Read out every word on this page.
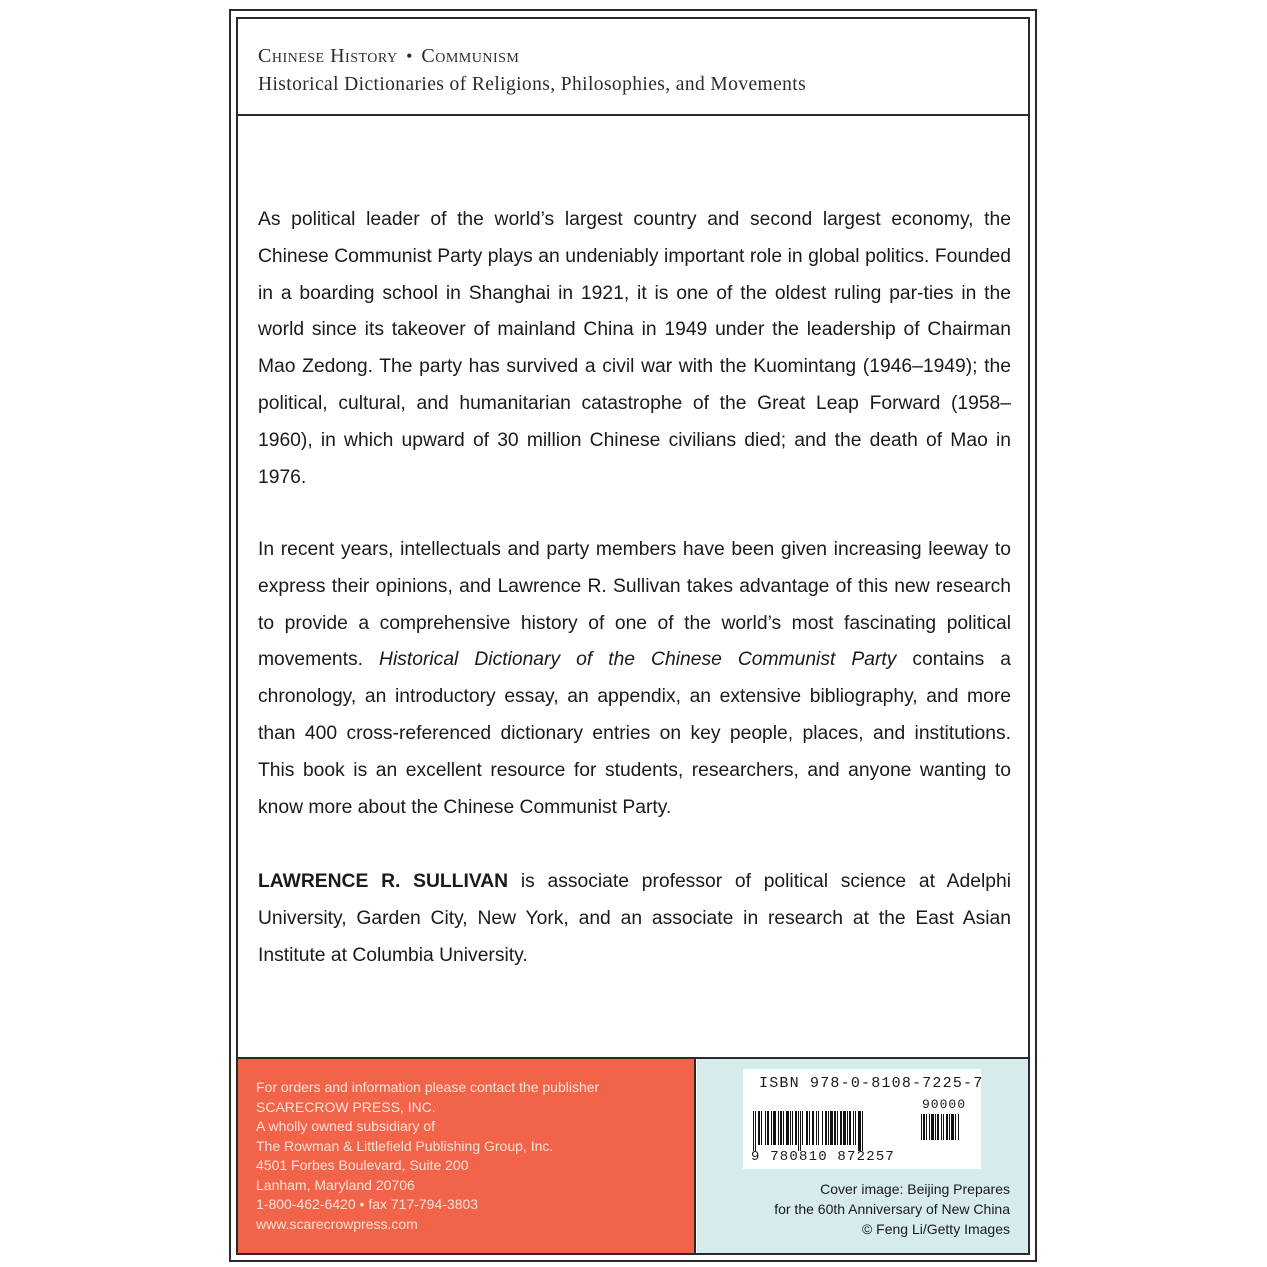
Chinese History • Communism
Historical Dictionaries of Religions, Philosophies, and Movements

As political leader of the world’s largest country and second largest economy, the Chinese Communist Party plays an undeniably important role in global politics. Founded in a boarding school in Shanghai in 1921, it is one of the oldest ruling par-ties in the world since its takeover of mainland China in 1949 under the leadership of Chairman Mao Zedong. The party has survived a civil war with the Kuomintang (1946–1949); the political, cultural, and humanitarian catastrophe of the Great Leap Forward (1958–1960), in which upward of 30 million Chinese civilians died; and the death of Mao in 1976.

In recent years, intellectuals and party members have been given increasing leeway to express their opinions, and Lawrence R. Sullivan takes advantage of this new research to provide a comprehensive history of one of the world’s most fascinating political movements. Historical Dictionary of the Chinese Communist Party contains a chronology, an introductory essay, an appendix, an extensive bibliography, and more than 400 cross-referenced dictionary entries on key people, places, and institutions. This book is an excellent resource for students, researchers, and anyone wanting to know more about the Chinese Communist Party.

LAWRENCE R. SULLIVAN is associate professor of political science at Adelphi University, Garden City, New York, and an associate in research at the East Asian Institute at Columbia University.

For orders and information please contact the publisher
SCARECROW PRESS, INC.
A wholly owned subsidiary of
The Rowman & Littlefield Publishing Group, Inc.
4501 Forbes Boulevard, Suite 200
Lanham, Maryland 20706
1-800-462-6420 • fax 717-794-3803
www.scarecrowpress.com
ISBN 978-0-8108-7225-7
90000
9 780810 872257
Cover image: Beijing Prepares
for the 60th Anniversary of New China
© Feng Li/Getty Images
